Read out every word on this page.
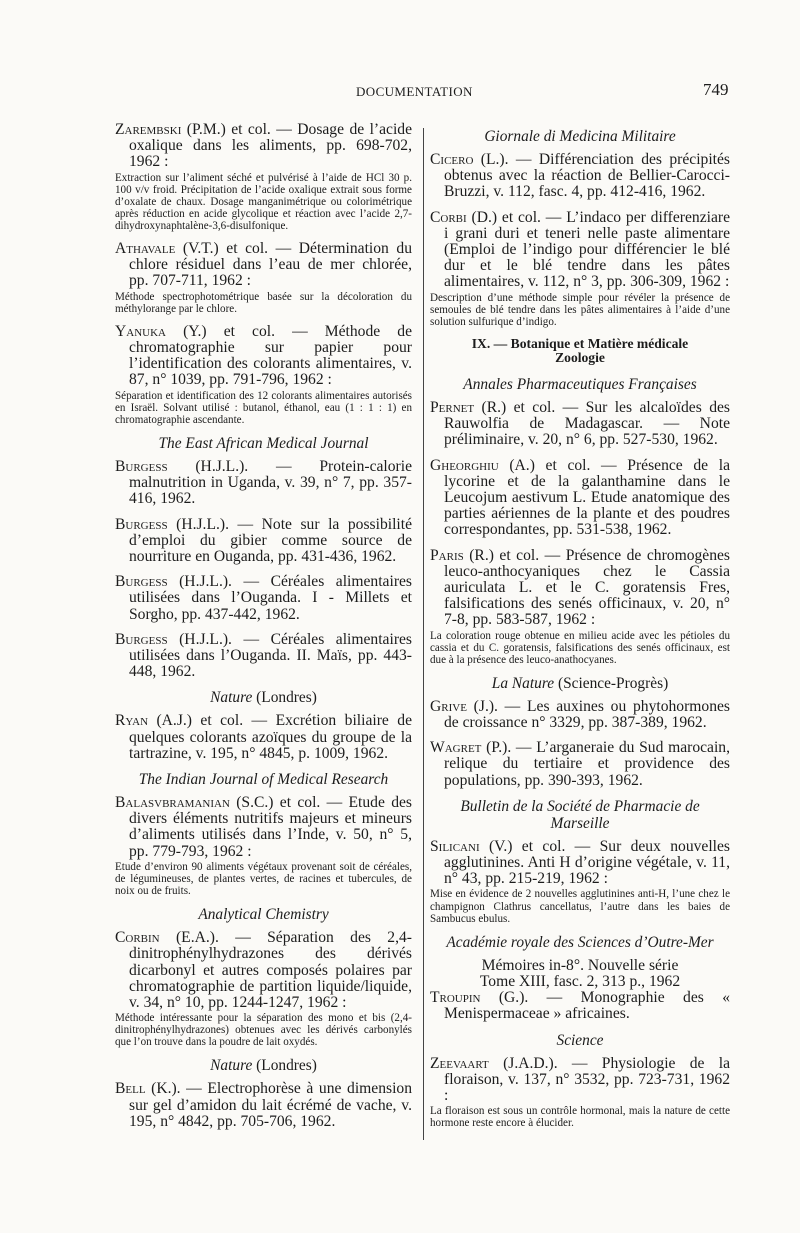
DOCUMENTATION	749
Zarembski (P.M.) et col. — Dosage de l’acide oxalique dans les aliments, pp. 698-702, 1962 :
Extraction sur l’aliment séché et pulvérisé à l’aide de HCl 30 p. 100 v/v froid. Précipitation de l’acide oxalique extrait sous forme d’oxalate de chaux. Dosage manganimétrique ou colorimétrique après réduction en acide glycolique et réaction avec l’acide 2,7-dihydroxynaphtalène-3,6-disulfonique.
Athavale (V.T.) et col. — Détermination du chlore résiduel dans l’eau de mer chlorée, pp. 707-711, 1962 :
Méthode spectrophotométrique basée sur la décoloration du méthylorange par le chlore.
Yanuka (Y.) et col. — Méthode de chromatographie sur papier pour l’identification des colorants alimentaires, v. 87, n° 1039, pp. 791-796, 1962 :
Séparation et identification des 12 colorants alimentaires autorisés en Israël. Solvant utilisé : butanol, éthanol, eau (1 : 1 : 1) en chromatographie ascendante.
The East African Medical Journal
Burgess (H.J.L.). — Protein-calorie malnutrition in Uganda, v. 39, n° 7, pp. 357-416, 1962.
Burgess (H.J.L.). — Note sur la possibilité d’emploi du gibier comme source de nourriture en Ouganda, pp. 431-436, 1962.
Burgess (H.J.L.). — Céréales alimentaires utilisées dans l’Ouganda. I - Millets et Sorgho, pp. 437-442, 1962.
Burgess (H.J.L.). — Céréales alimentaires utilisées dans l’Ouganda. II. Maïs, pp. 443-448, 1962.
Nature (Londres)
Ryan (A.J.) et col. — Excrétion biliaire de quelques colorants azoïques du groupe de la tartrazine, v. 195, n° 4845, p. 1009, 1962.
The Indian Journal of Medical Research
Balasvbramanian (S.C.) et col. — Etude des divers éléments nutritifs majeurs et mineurs d’aliments utilisés dans l’Inde, v. 50, n° 5, pp. 779-793, 1962 :
Etude d’environ 90 aliments végétaux provenant soit de céréales, de légumineuses, de plantes vertes, de racines et tubercules, de noix ou de fruits.
Analytical Chemistry
Corbin (E.A.). — Séparation des 2,4-dinitrophénylhydrazones des dérivés dicarbonyl et autres composés polaires par chromatographie de partition liquide/liquide, v. 34, n° 10, pp. 1244-1247, 1962 :
Méthode intéressante pour la séparation des mono et bis (2,4-dinitrophénylhydrazones) obtenues avec les dérivés carbonylés que l’on trouve dans la poudre de lait oxydés.
Nature (Londres)
Bell (K.). — Electrophorèse à une dimension sur gel d’amidon du lait écrémé de vache, v. 195, n° 4842, pp. 705-706, 1962.
Giornale di Medicina Militaire
Cicero (L.). — Différenciation des précipités obtenus avec la réaction de Bellier-Carocci-Bruzzi, v. 112, fasc. 4, pp. 412-416, 1962.
Corbi (D.) et col. — L’indaco per differenziare i grani duri et teneri nelle paste alimentare (Emploi de l’indigo pour différencier le blé dur et le blé tendre dans les pâtes alimentaires, v. 112, n° 3, pp. 306-309, 1962 :
Description d’une méthode simple pour révéler la présence de semoules de blé tendre dans les pâtes alimentaires à l’aide d’une solution sulfurique d’indigo.
IX. — Botanique et Matière médicale
Zoologie
Annales Pharmaceutiques Françaises
Pernet (R.) et col. — Sur les alcaloïdes des Rauwolfia de Madagascar. — Note préliminaire, v. 20, n° 6, pp. 527-530, 1962.
Gheorghiu (A.) et col. — Présence de la lycorine et de la galanthamine dans le Leucojum aestivum L. Etude anatomique des parties aériennes de la plante et des poudres correspondantes, pp. 531-538, 1962.
Paris (R.) et col. — Présence de chromogènes leuco-anthocyaniques chez le Cassia auriculata L. et le C. goratensis Fres, falsifications des senés officinaux, v. 20, n° 7-8, pp. 583-587, 1962 :
La coloration rouge obtenue en milieu acide avec les pétioles du cassia et du C. goratensis, falsifications des senés officinaux, est due à la présence des leuco-anathocyanes.
La Nature (Science-Progrès)
Grive (J.). — Les auxines ou phytohormones de croissance n° 3329, pp. 387-389, 1962.
Wagret (P.). — L’arganeraie du Sud marocain, relique du tertiaire et providence des populations, pp. 390-393, 1962.
Bulletin de la Société de Pharmacie de Marseille
Silicani (V.) et col. — Sur deux nouvelles agglutinines. Anti H d’origine végétale, v. 11, n° 43, pp. 215-219, 1962 :
Mise en évidence de 2 nouvelles agglutinines anti-H, l’une chez le champignon Clathrus cancellatus, l’autre dans les baies de Sambucus ebulus.
Académie royale des Sciences d’Outre-Mer
Mémoires in-8°. Nouvelle série
Tome XIII, fasc. 2, 313 p., 1962
Troupin (G.). — Monographie des « Menispermaceae » africaines.
Science
Zeevaart (J.A.D.). — Physiologie de la floraison, v. 137, n° 3532, pp. 723-731, 1962 :
La floraison est sous un contrôle hormonal, mais la nature de cette hormone reste encore à élucider.
